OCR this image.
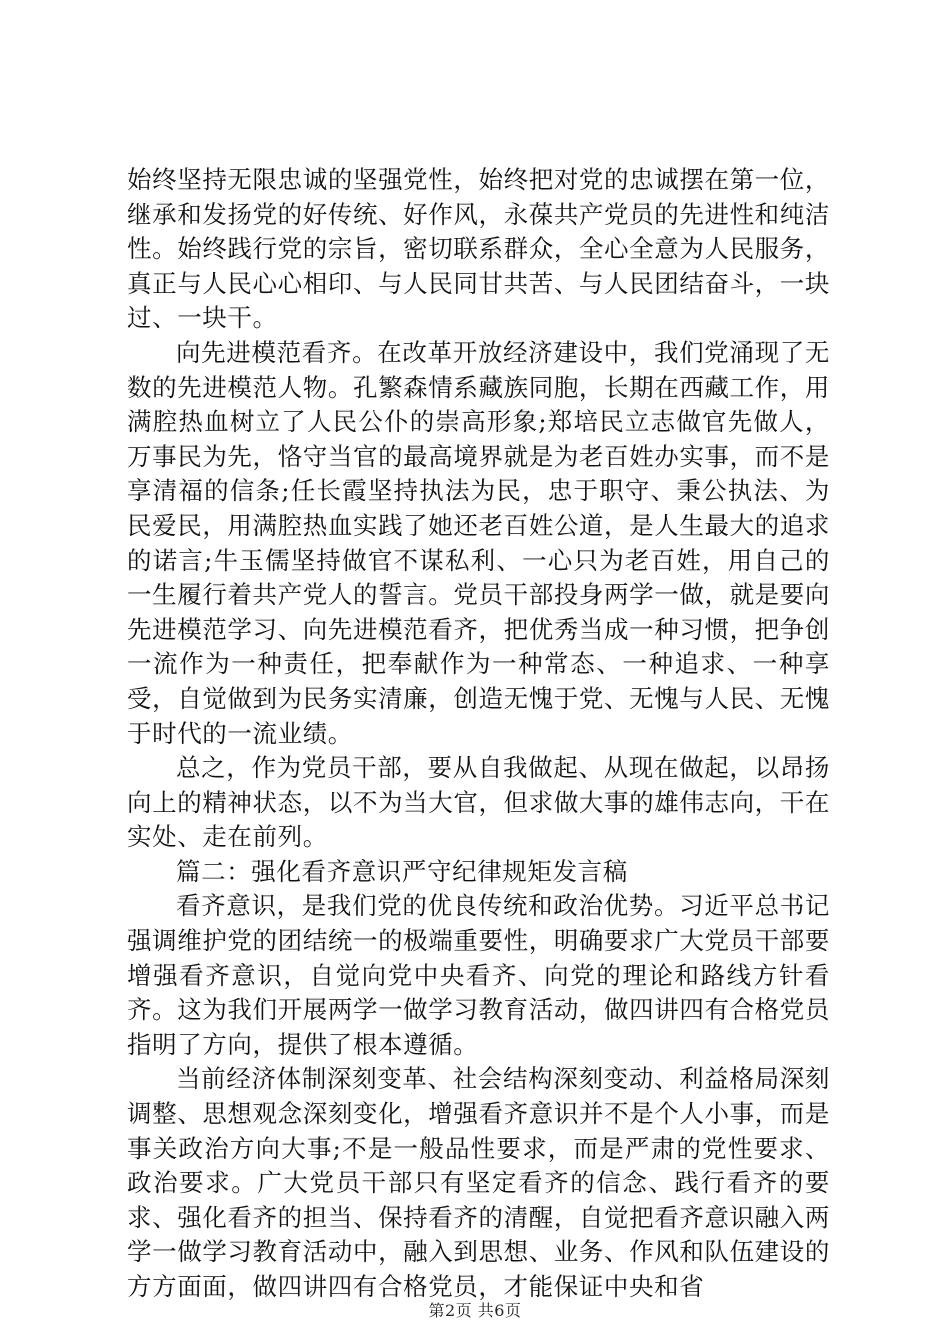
始终坚持无限忠诚的坚强党性，始终把对党的忠诚摆在第一位，继承和发扬党的好传统、好作风，永葆共产党员的先进性和纯洁性。始终践行党的宗旨，密切联系群众，全心全意为人民服务，真正与人民心心相印、与人民同甘共苦、与人民团结奋斗，一块过、一块干。

向先进模范看齐。在改革开放经济建设中，我们党涌现了无数的先进模范人物。孔繁森情系藏族同胞，长期在西藏工作，用满腔热血树立了人民公仆的崇高形象;郑培民立志做官先做人，万事民为先，恪守当官的最高境界就是为老百姓办实事，而不是享清福的信条;任长霞坚持执法为民，忠于职守、秉公执法、为民爱民，用满腔热血实践了她还老百姓公道，是人生最大的追求的诺言;牛玉儒坚持做官不谋私利、一心只为老百姓，用自己的一生履行着共产党人的誓言。党员干部投身两学一做，就是要向先进模范学习、向先进模范看齐，把优秀当成一种习惯，把争创一流作为一种责任，把奉献作为一种常态、一种追求、一种享受，自觉做到为民务实清廉，创造无愧于党、无愧与人民、无愧于时代的一流业绩。

总之，作为党员干部，要从自我做起、从现在做起，以昂扬向上的精神状态，以不为当大官，但求做大事的雄伟志向，干在实处、走在前列。

篇二：强化看齐意识严守纪律规矩发言稿

看齐意识，是我们党的优良传统和政治优势。习近平总书记强调维护党的团结统一的极端重要性，明确要求广大党员干部要增强看齐意识，自觉向党中央看齐、向党的理论和路线方针看齐。这为我们开展两学一做学习教育活动，做四讲四有合格党员指明了方向，提供了根本遵循。

当前经济体制深刻变革、社会结构深刻变动、利益格局深刻调整、思想观念深刻变化，增强看齐意识并不是个人小事，而是事关政治方向大事;不是一般品性要求，而是严肃的党性要求、政治要求。广大党员干部只有坚定看齐的信念、践行看齐的要求、强化看齐的担当、保持看齐的清醒，自觉把看齐意识融入两学一做学习教育活动中，融入到思想、业务、作风和队伍建设的方方面面，做四讲四有合格党员，才能保证中央和省

第2页 共6页
